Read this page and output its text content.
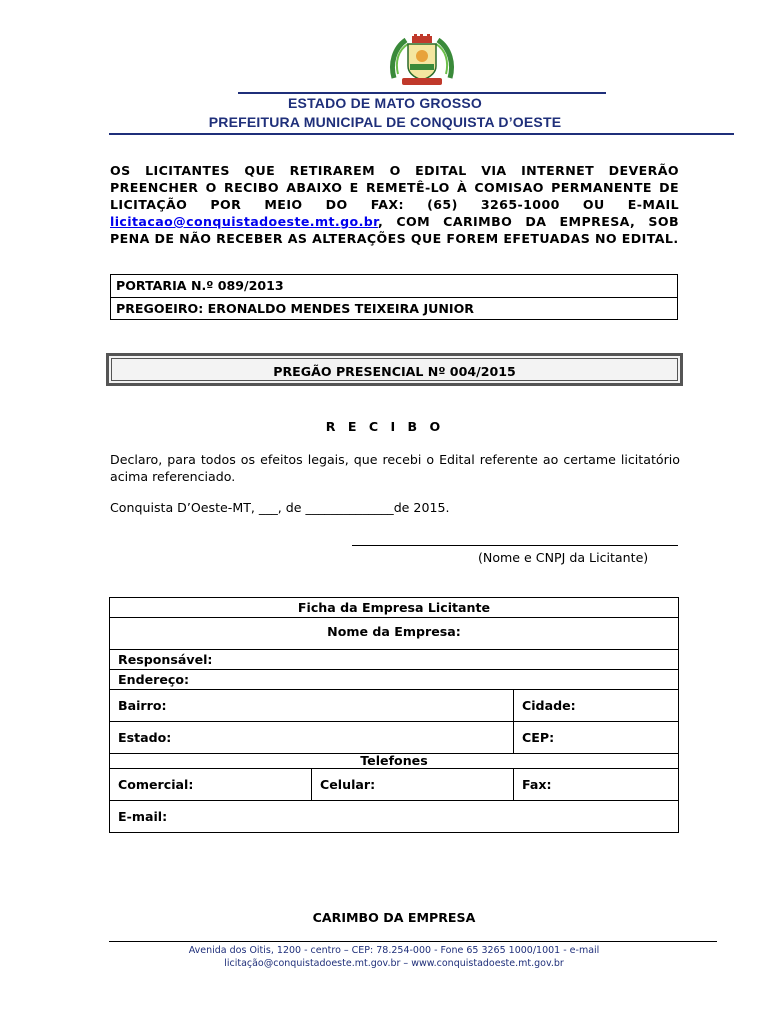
ESTADO DE MATO GROSSO
PREFEITURA MUNICIPAL DE CONQUISTA D’OESTE
OS LICITANTES QUE RETIRAREM O EDITAL VIA INTERNET DEVERÃO PREENCHER O RECIBO ABAIXO E REMETÊ-LO À COMISAO PERMANENTE DE LICITAÇÃO POR MEIO DO FAX: (65) 3265-1000 OU E-MAIL licitacao@conquistadoeste.mt.go.br, COM CARIMBO DA EMPRESA, SOB PENA DE NÃO RECEBER AS ALTERAÇÕES QUE FOREM EFETUADAS NO EDITAL.
PORTARIA N.º 089/2013
PREGOEIRO: ERONALDO MENDES TEIXEIRA JUNIOR
PREGÃO PRESENCIAL Nº 004/2015
R E C I B O
Declaro, para todos os efeitos legais, que recebi o Edital referente ao certame licitatório acima referenciado.
Conquista D’Oeste-MT, ___, de ______________de 2015.
(Nome e CNPJ da Licitante)
Ficha da Empresa Licitante		
Nome da Empresa:		
Responsável:		
Endereço:		
Bairro:		Cidade:
Estado:		CEP:
Telefones		
Comercial:	Celular:	Fax:
E-mail:		
CARIMBO DA EMPRESA
Avenida dos Oitis, 1200 - centro – CEP: 78.254-000 - Fone 65 3265 1000/1001 - e-mail
licitação@conquistadoeste.mt.gov.br – www.conquistadoeste.mt.gov.br
